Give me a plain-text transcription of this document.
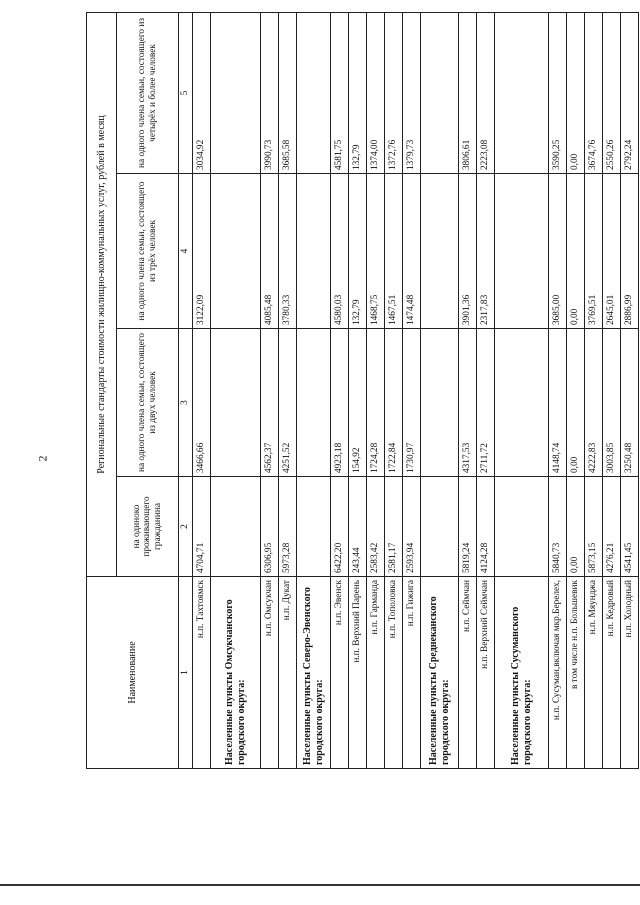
2
Наименование	Региональные стандарты стоимости жилищно-коммунальных услуг, рублей в месяц			
	на одиноко проживающего гражданина	на одного члена семьи, состоящего из двух человек	на одного члена семьи, состоящего из трёх человек	на одного члена семьи, состоящего из четырёх и более человек
1	2	3	4	5
н.п. Тахтоямск	4704,71	3466,66	3122,09	3034,92
Населенные пункты Омсукчанского городского округа:				
н.п. Омсукчан	6306,95	4562,37	4085,48	3990,73
н.п. Дукат	5973,28	4251,52	3780,33	3685,58
Населенные пункты Северо-Эвенского городского округа:				
н.п. Эвенск	6422,20	4923,18	4580,03	4581,75
н.п. Верхний Парень	243,44	154,92	132,79	132,79
н.п. Гарманда	2583,42	1724,28	1468,75	1374,00
н.п. Тополовка	2581,17	1722,84	1467,51	1372,76
н.п. Гижига	2593,94	1730,97	1474,48	1379,73
Населенные пункты Среднеканского городского округа:				
н.п. Сеймчан	5819,24	4317,53	3901,36	3806,61
н.п. Верхний Сеймчан	4124,28	2711,72	2317,83	2223,08
Населенные пункты Сусуманского городского округа:				
н.п. Сусуман,включая мкр.Берелех,	5840,73	4148,74	3685,00	3590,25
в том числе н.п. Большевик	0,00	0,00	0,00	0,00
н.п. Мяунджа	5873,15	4222,83	3769,51	3674,76
н.п. Кедровый	4276,21	3003,85	2645,01	2550,26
н.п. Холодный	4541,45	3250,48	2886,99	2792,24
